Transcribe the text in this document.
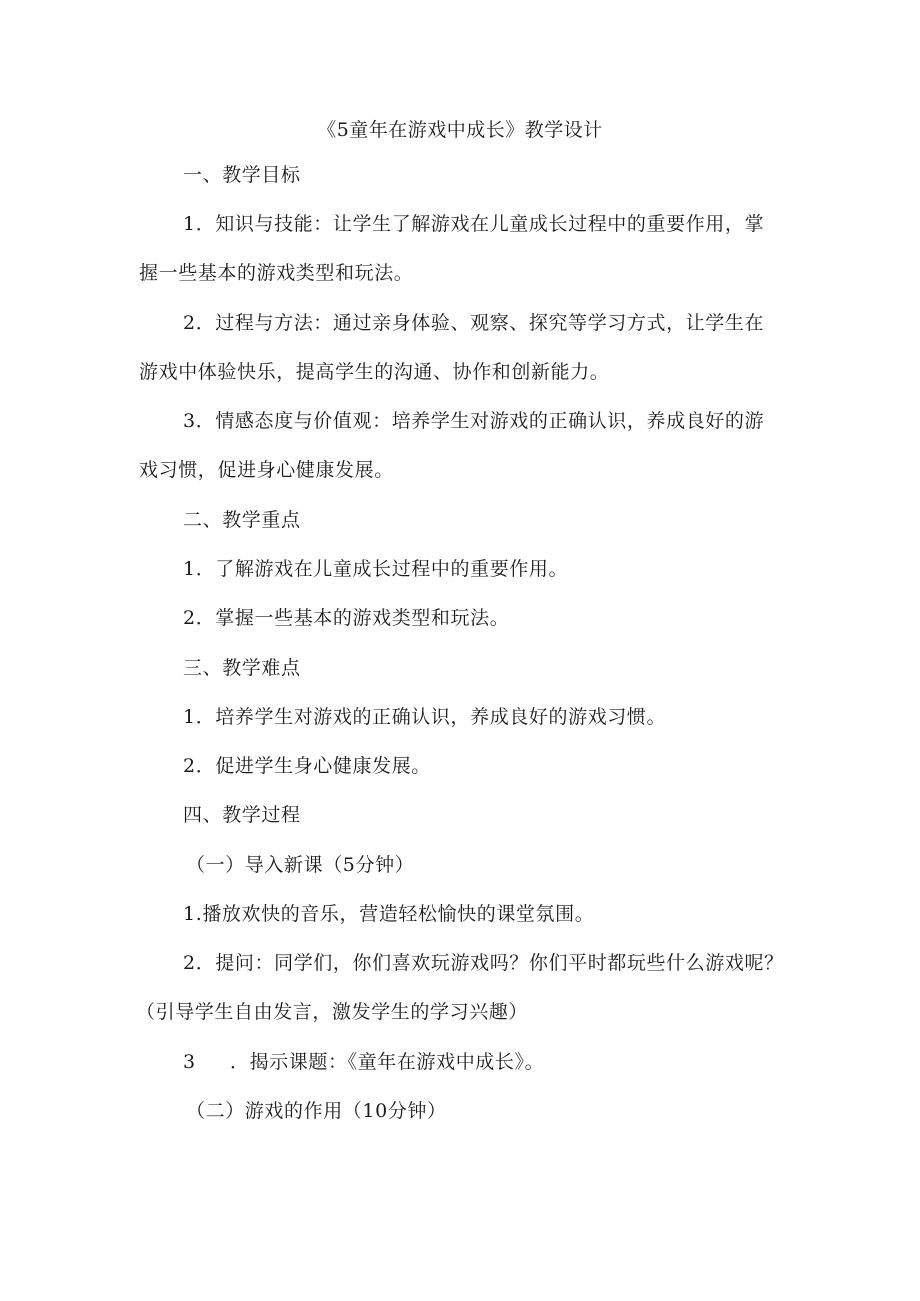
《5童年在游戏中成长》教学设计
一、教学目标
1．知识与技能：让学生了解游戏在儿童成长过程中的重要作用，掌
握一些基本的游戏类型和玩法。
2．过程与方法：通过亲身体验、观察、探究等学习方式，让学生在
游戏中体验快乐，提高学生的沟通、协作和创新能力。
3．情感态度与价值观：培养学生对游戏的正确认识，养成良好的游
戏习惯，促进身心健康发展。
二、教学重点
1．了解游戏在儿童成长过程中的重要作用。
2．掌握一些基本的游戏类型和玩法。
三、教学难点
1．培养学生对游戏的正确认识，养成良好的游戏习惯。
2．促进学生身心健康发展。
四、教学过程
（一）导入新课（5分钟）
1.播放欢快的音乐，营造轻松愉快的课堂氛围。
2．提问：同学们，你们喜欢玩游戏吗？你们平时都玩些什么游戏呢？
（引导学生自由发言，激发学生的学习兴趣）
3 ．揭示课题：《童年在游戏中成长》。
（二）游戏的作用（10分钟）
